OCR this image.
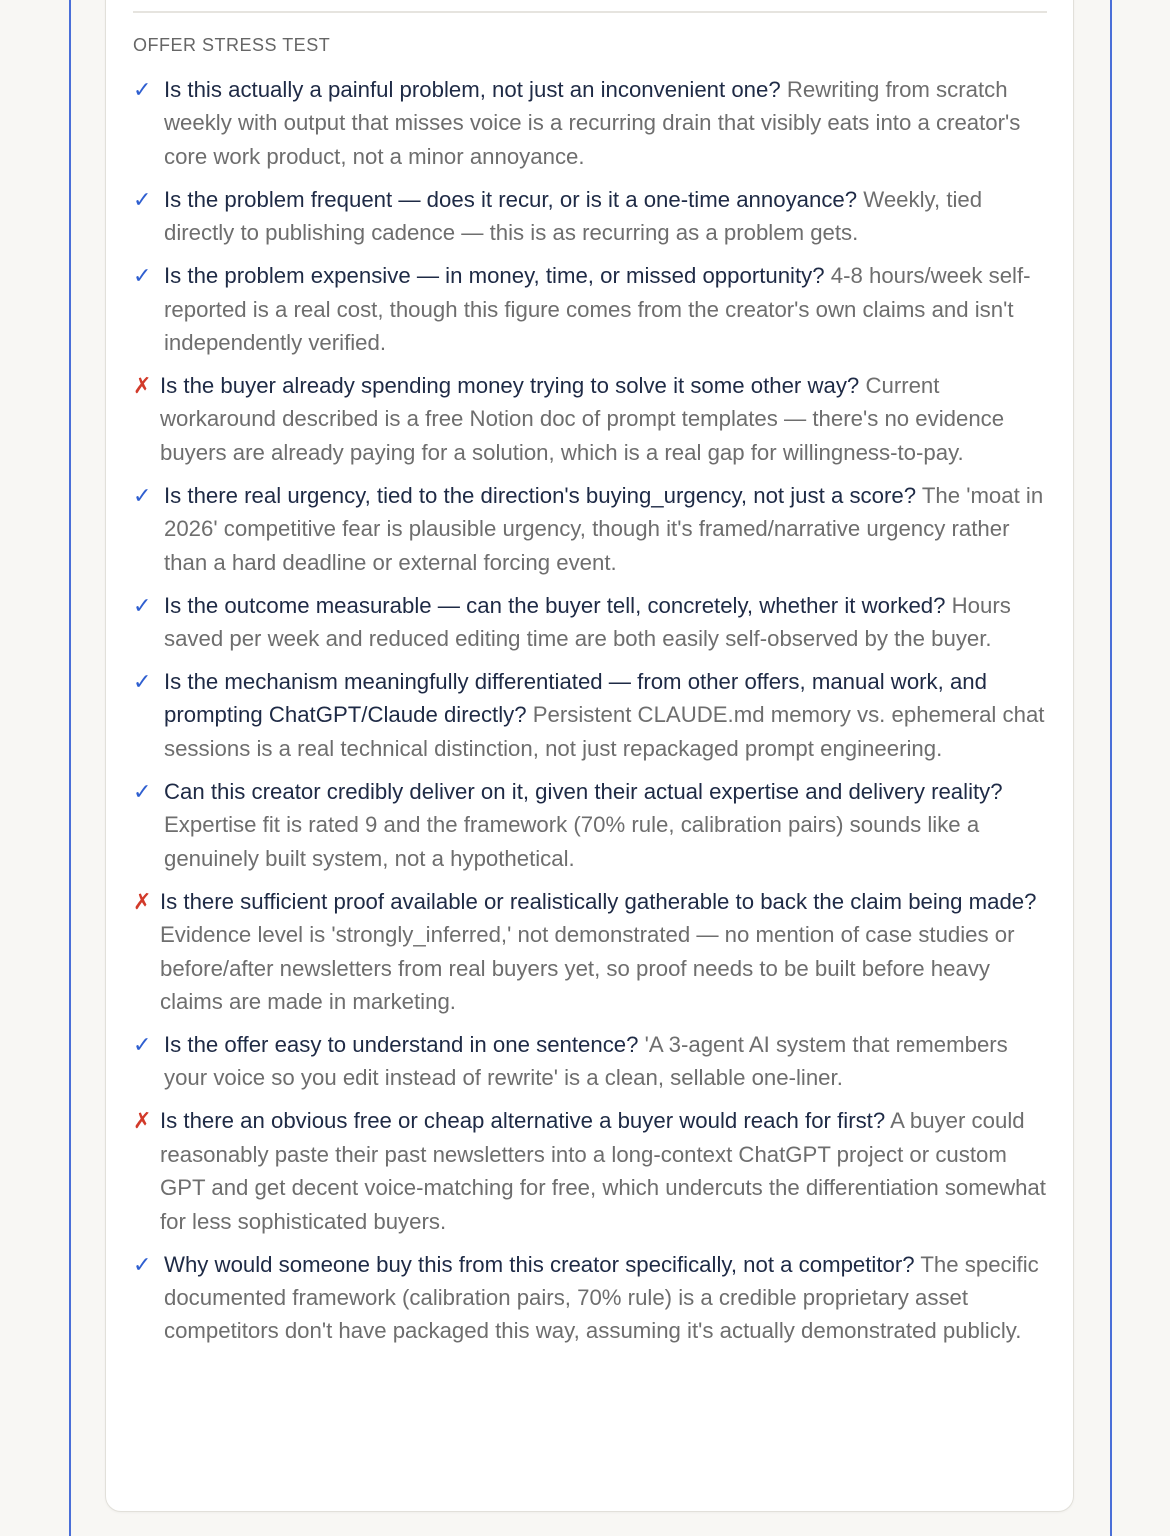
OFFER STRESS TEST
✓ Is this actually a painful problem, not just an inconvenient one? Rewriting from scratch weekly with output that misses voice is a recurring drain that visibly eats into a creator's core work product, not a minor annoyance.
✓ Is the problem frequent — does it recur, or is it a one-time annoyance? Weekly, tied directly to publishing cadence — this is as recurring as a problem gets.
✓ Is the problem expensive — in money, time, or missed opportunity? 4-8 hours/week self-reported is a real cost, though this figure comes from the creator's own claims and isn't independently verified.
✗ Is the buyer already spending money trying to solve it some other way? Current workaround described is a free Notion doc of prompt templates — there's no evidence buyers are already paying for a solution, which is a real gap for willingness-to-pay.
✓ Is there real urgency, tied to the direction's buying_urgency, not just a score? The 'moat in 2026' competitive fear is plausible urgency, though it's framed/narrative urgency rather than a hard deadline or external forcing event.
✓ Is the outcome measurable — can the buyer tell, concretely, whether it worked? Hours saved per week and reduced editing time are both easily self-observed by the buyer.
✓ Is the mechanism meaningfully differentiated — from other offers, manual work, and prompting ChatGPT/Claude directly? Persistent CLAUDE.md memory vs. ephemeral chat sessions is a real technical distinction, not just repackaged prompt engineering.
✓ Can this creator credibly deliver on it, given their actual expertise and delivery reality? Expertise fit is rated 9 and the framework (70% rule, calibration pairs) sounds like a genuinely built system, not a hypothetical.
✗ Is there sufficient proof available or realistically gatherable to back the claim being made? Evidence level is 'strongly_inferred,' not demonstrated — no mention of case studies or before/after newsletters from real buyers yet, so proof needs to be built before heavy claims are made in marketing.
✓ Is the offer easy to understand in one sentence? 'A 3-agent AI system that remembers your voice so you edit instead of rewrite' is a clean, sellable one-liner.
✗ Is there an obvious free or cheap alternative a buyer would reach for first? A buyer could reasonably paste their past newsletters into a long-context ChatGPT project or custom GPT and get decent voice-matching for free, which undercuts the differentiation somewhat for less sophisticated buyers.
✓ Why would someone buy this from this creator specifically, not a competitor? The specific documented framework (calibration pairs, 70% rule) is a credible proprietary asset competitors don't have packaged this way, assuming it's actually demonstrated publicly.
